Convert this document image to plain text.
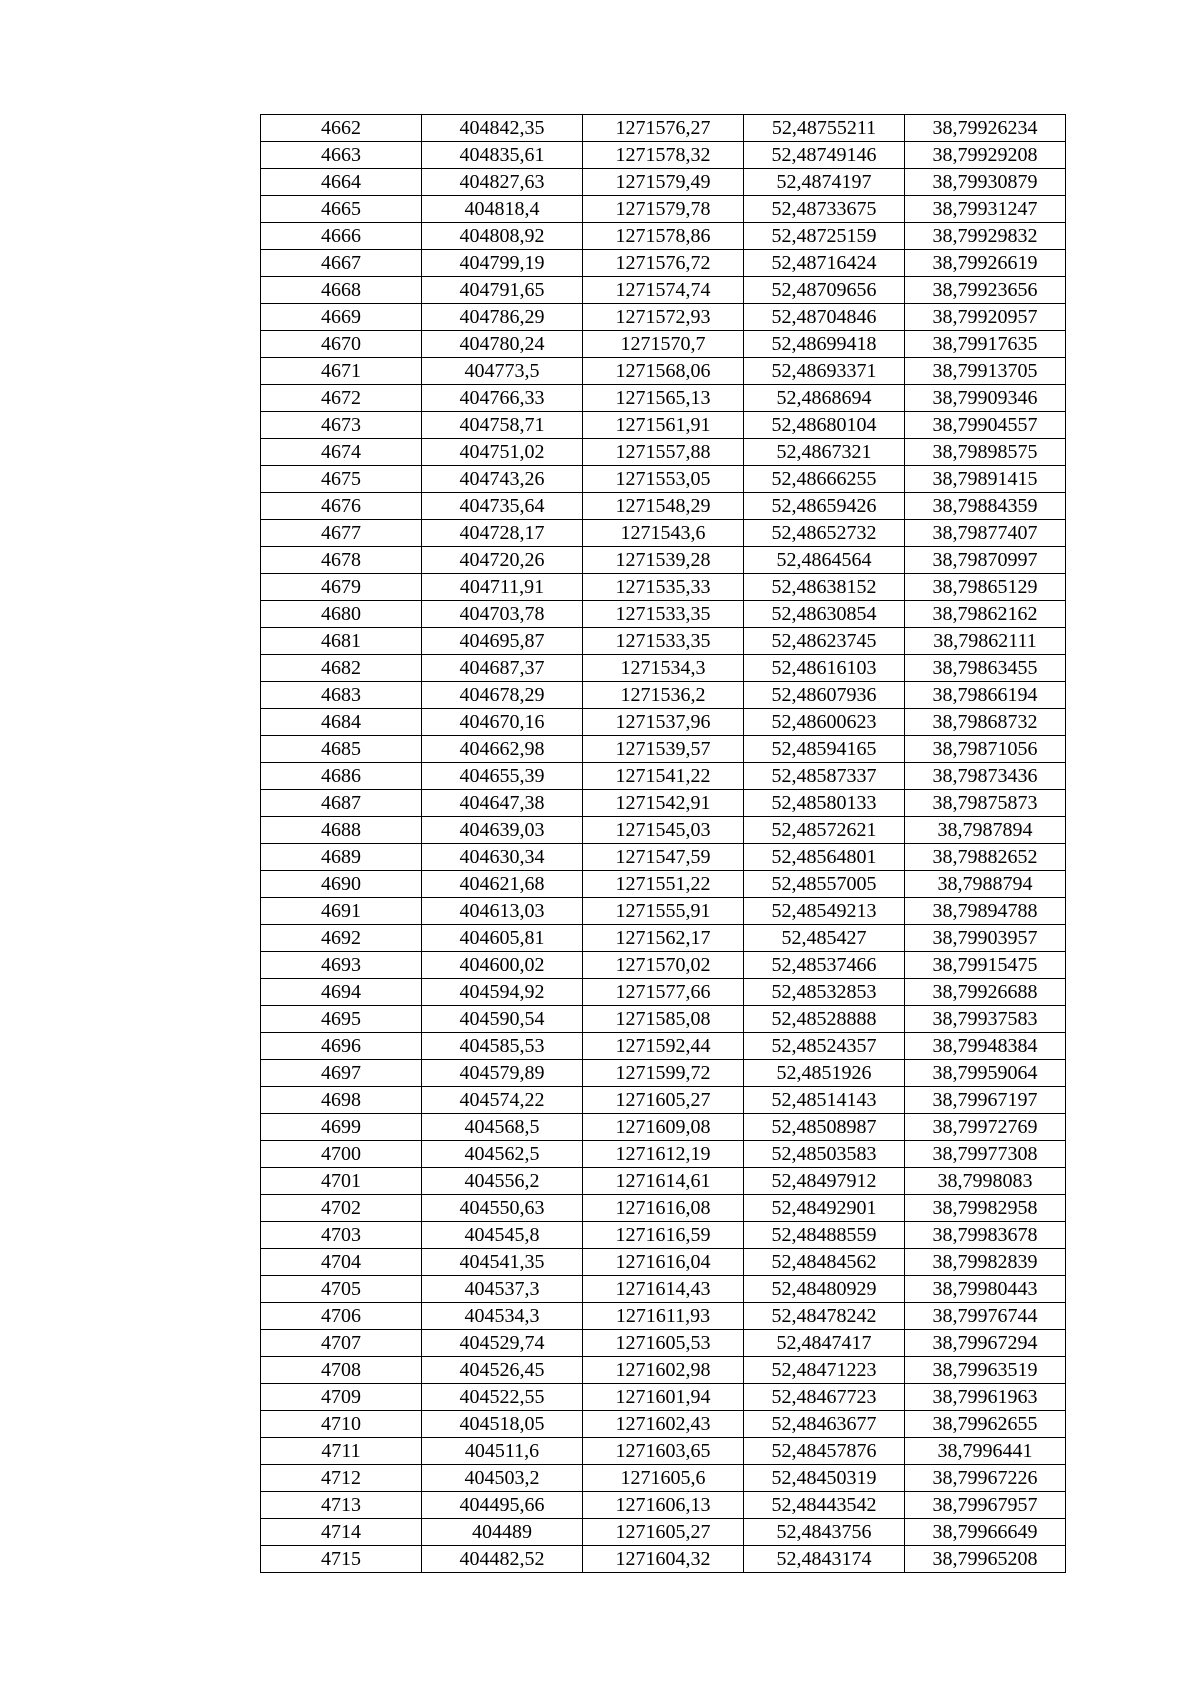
4662	404842,35	1271576,27	52,48755211	38,79926234
4663	404835,61	1271578,32	52,48749146	38,79929208
4664	404827,63	1271579,49	52,4874197	38,79930879
4665	404818,4	1271579,78	52,48733675	38,79931247
4666	404808,92	1271578,86	52,48725159	38,79929832
4667	404799,19	1271576,72	52,48716424	38,79926619
4668	404791,65	1271574,74	52,48709656	38,79923656
4669	404786,29	1271572,93	52,48704846	38,79920957
4670	404780,24	1271570,7	52,48699418	38,79917635
4671	404773,5	1271568,06	52,48693371	38,79913705
4672	404766,33	1271565,13	52,4868694	38,79909346
4673	404758,71	1271561,91	52,48680104	38,79904557
4674	404751,02	1271557,88	52,4867321	38,79898575
4675	404743,26	1271553,05	52,48666255	38,79891415
4676	404735,64	1271548,29	52,48659426	38,79884359
4677	404728,17	1271543,6	52,48652732	38,79877407
4678	404720,26	1271539,28	52,4864564	38,79870997
4679	404711,91	1271535,33	52,48638152	38,79865129
4680	404703,78	1271533,35	52,48630854	38,79862162
4681	404695,87	1271533,35	52,48623745	38,79862111
4682	404687,37	1271534,3	52,48616103	38,79863455
4683	404678,29	1271536,2	52,48607936	38,79866194
4684	404670,16	1271537,96	52,48600623	38,79868732
4685	404662,98	1271539,57	52,48594165	38,79871056
4686	404655,39	1271541,22	52,48587337	38,79873436
4687	404647,38	1271542,91	52,48580133	38,79875873
4688	404639,03	1271545,03	52,48572621	38,7987894
4689	404630,34	1271547,59	52,48564801	38,79882652
4690	404621,68	1271551,22	52,48557005	38,7988794
4691	404613,03	1271555,91	52,48549213	38,79894788
4692	404605,81	1271562,17	52,485427	38,79903957
4693	404600,02	1271570,02	52,48537466	38,79915475
4694	404594,92	1271577,66	52,48532853	38,79926688
4695	404590,54	1271585,08	52,48528888	38,79937583
4696	404585,53	1271592,44	52,48524357	38,79948384
4697	404579,89	1271599,72	52,4851926	38,79959064
4698	404574,22	1271605,27	52,48514143	38,79967197
4699	404568,5	1271609,08	52,48508987	38,79972769
4700	404562,5	1271612,19	52,48503583	38,79977308
4701	404556,2	1271614,61	52,48497912	38,7998083
4702	404550,63	1271616,08	52,48492901	38,79982958
4703	404545,8	1271616,59	52,48488559	38,79983678
4704	404541,35	1271616,04	52,48484562	38,79982839
4705	404537,3	1271614,43	52,48480929	38,79980443
4706	404534,3	1271611,93	52,48478242	38,79976744
4707	404529,74	1271605,53	52,4847417	38,79967294
4708	404526,45	1271602,98	52,48471223	38,79963519
4709	404522,55	1271601,94	52,48467723	38,79961963
4710	404518,05	1271602,43	52,48463677	38,79962655
4711	404511,6	1271603,65	52,48457876	38,7996441
4712	404503,2	1271605,6	52,48450319	38,79967226
4713	404495,66	1271606,13	52,48443542	38,79967957
4714	404489	1271605,27	52,4843756	38,79966649
4715	404482,52	1271604,32	52,4843174	38,79965208
